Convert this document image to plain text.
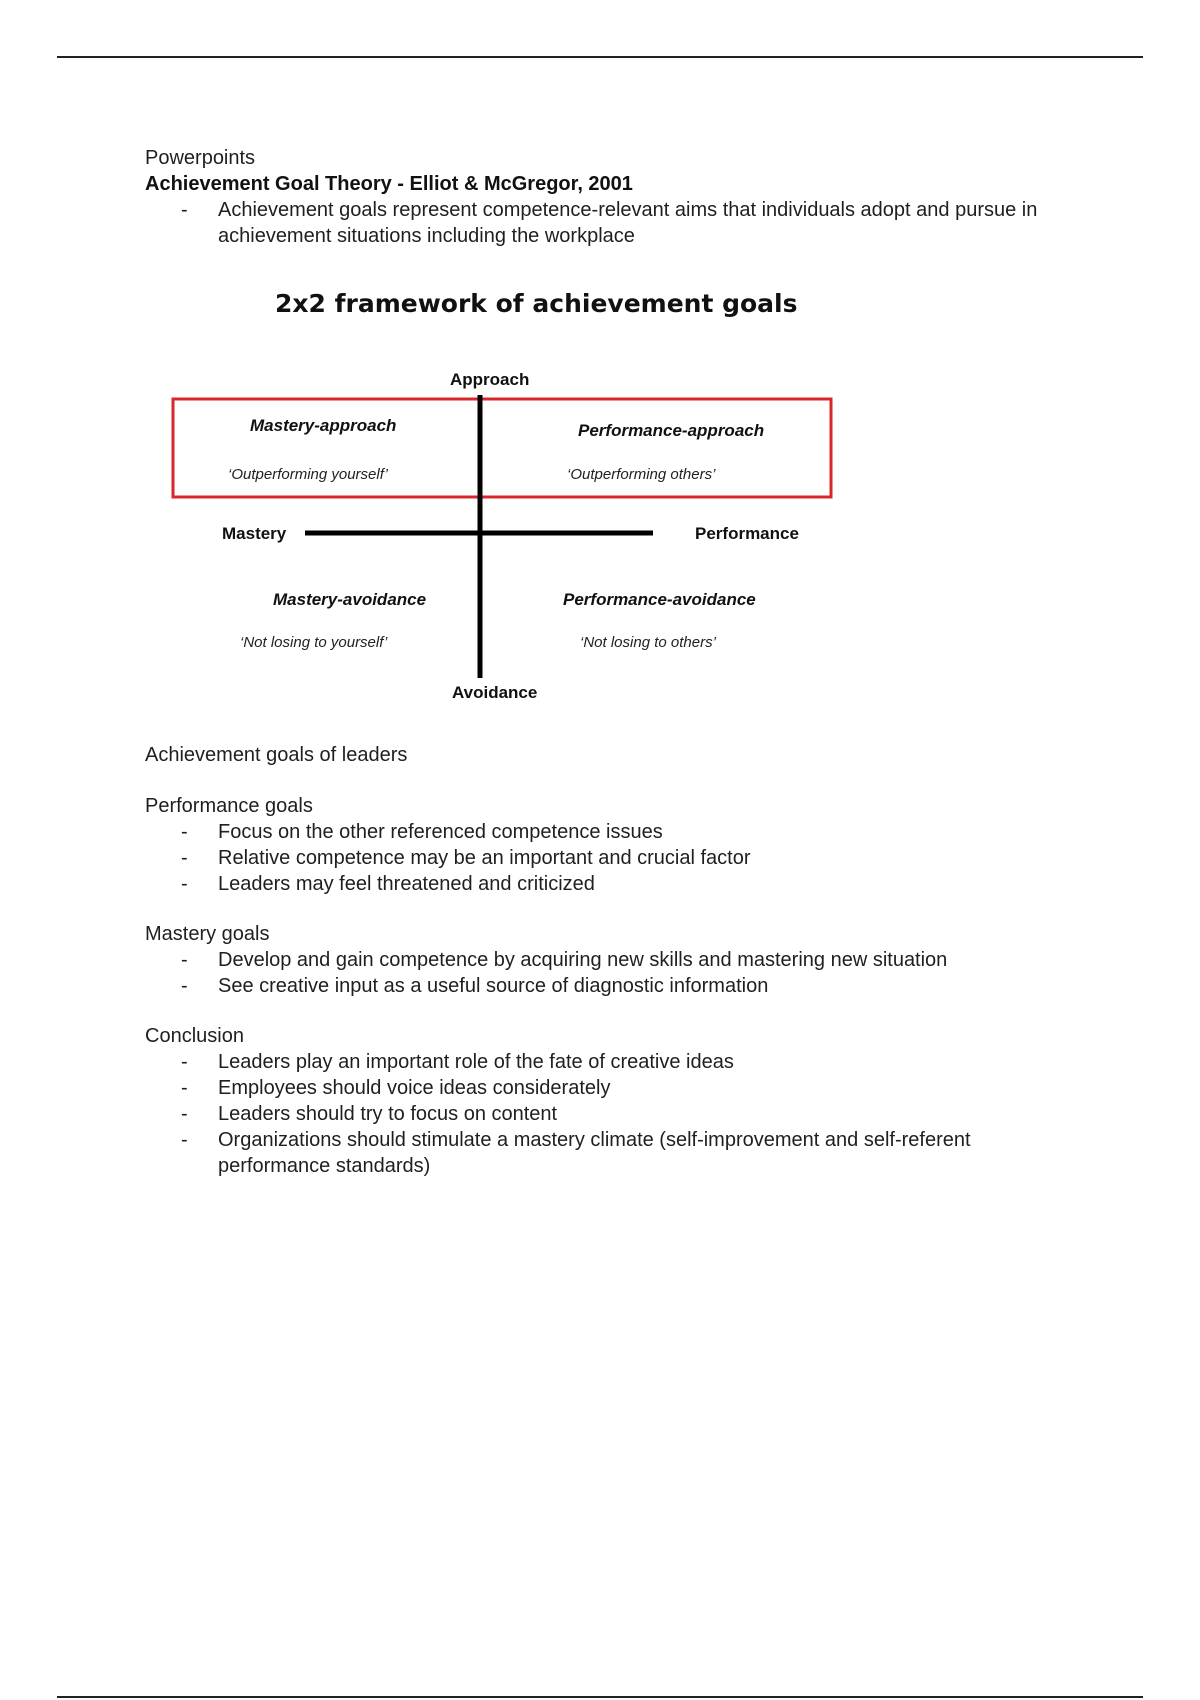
Powerpoints

Achievement Goal Theory - Elliot & McGregor, 2001

- Achievement goals represent competence-relevant aims that individuals adopt and pursue in achievement situations including the workplace
2x2 framework of achievement goals
Approach
Avoidance
Mastery	Performance
Mastery-approach
‘Outperforming yourself’
Performance-approach
‘Outperforming others’
Mastery-avoidance
‘Not losing to yourself’
Performance-avoidance
‘Not losing to others’

Achievement goals of leaders

Performance goals

- Focus on the other referenced competence issues
- Relative competence may be an important and crucial factor
- Leaders may feel threatened and criticized

Mastery goals

- Develop and gain competence by acquiring new skills and mastering new situation
- See creative input as a useful source of diagnostic information

Conclusion

- Leaders play an important role of the fate of creative ideas
- Employees should voice ideas considerately
- Leaders should try to focus on content
- Organizations should stimulate a mastery climate (self-improvement and self-referent performance standards)
